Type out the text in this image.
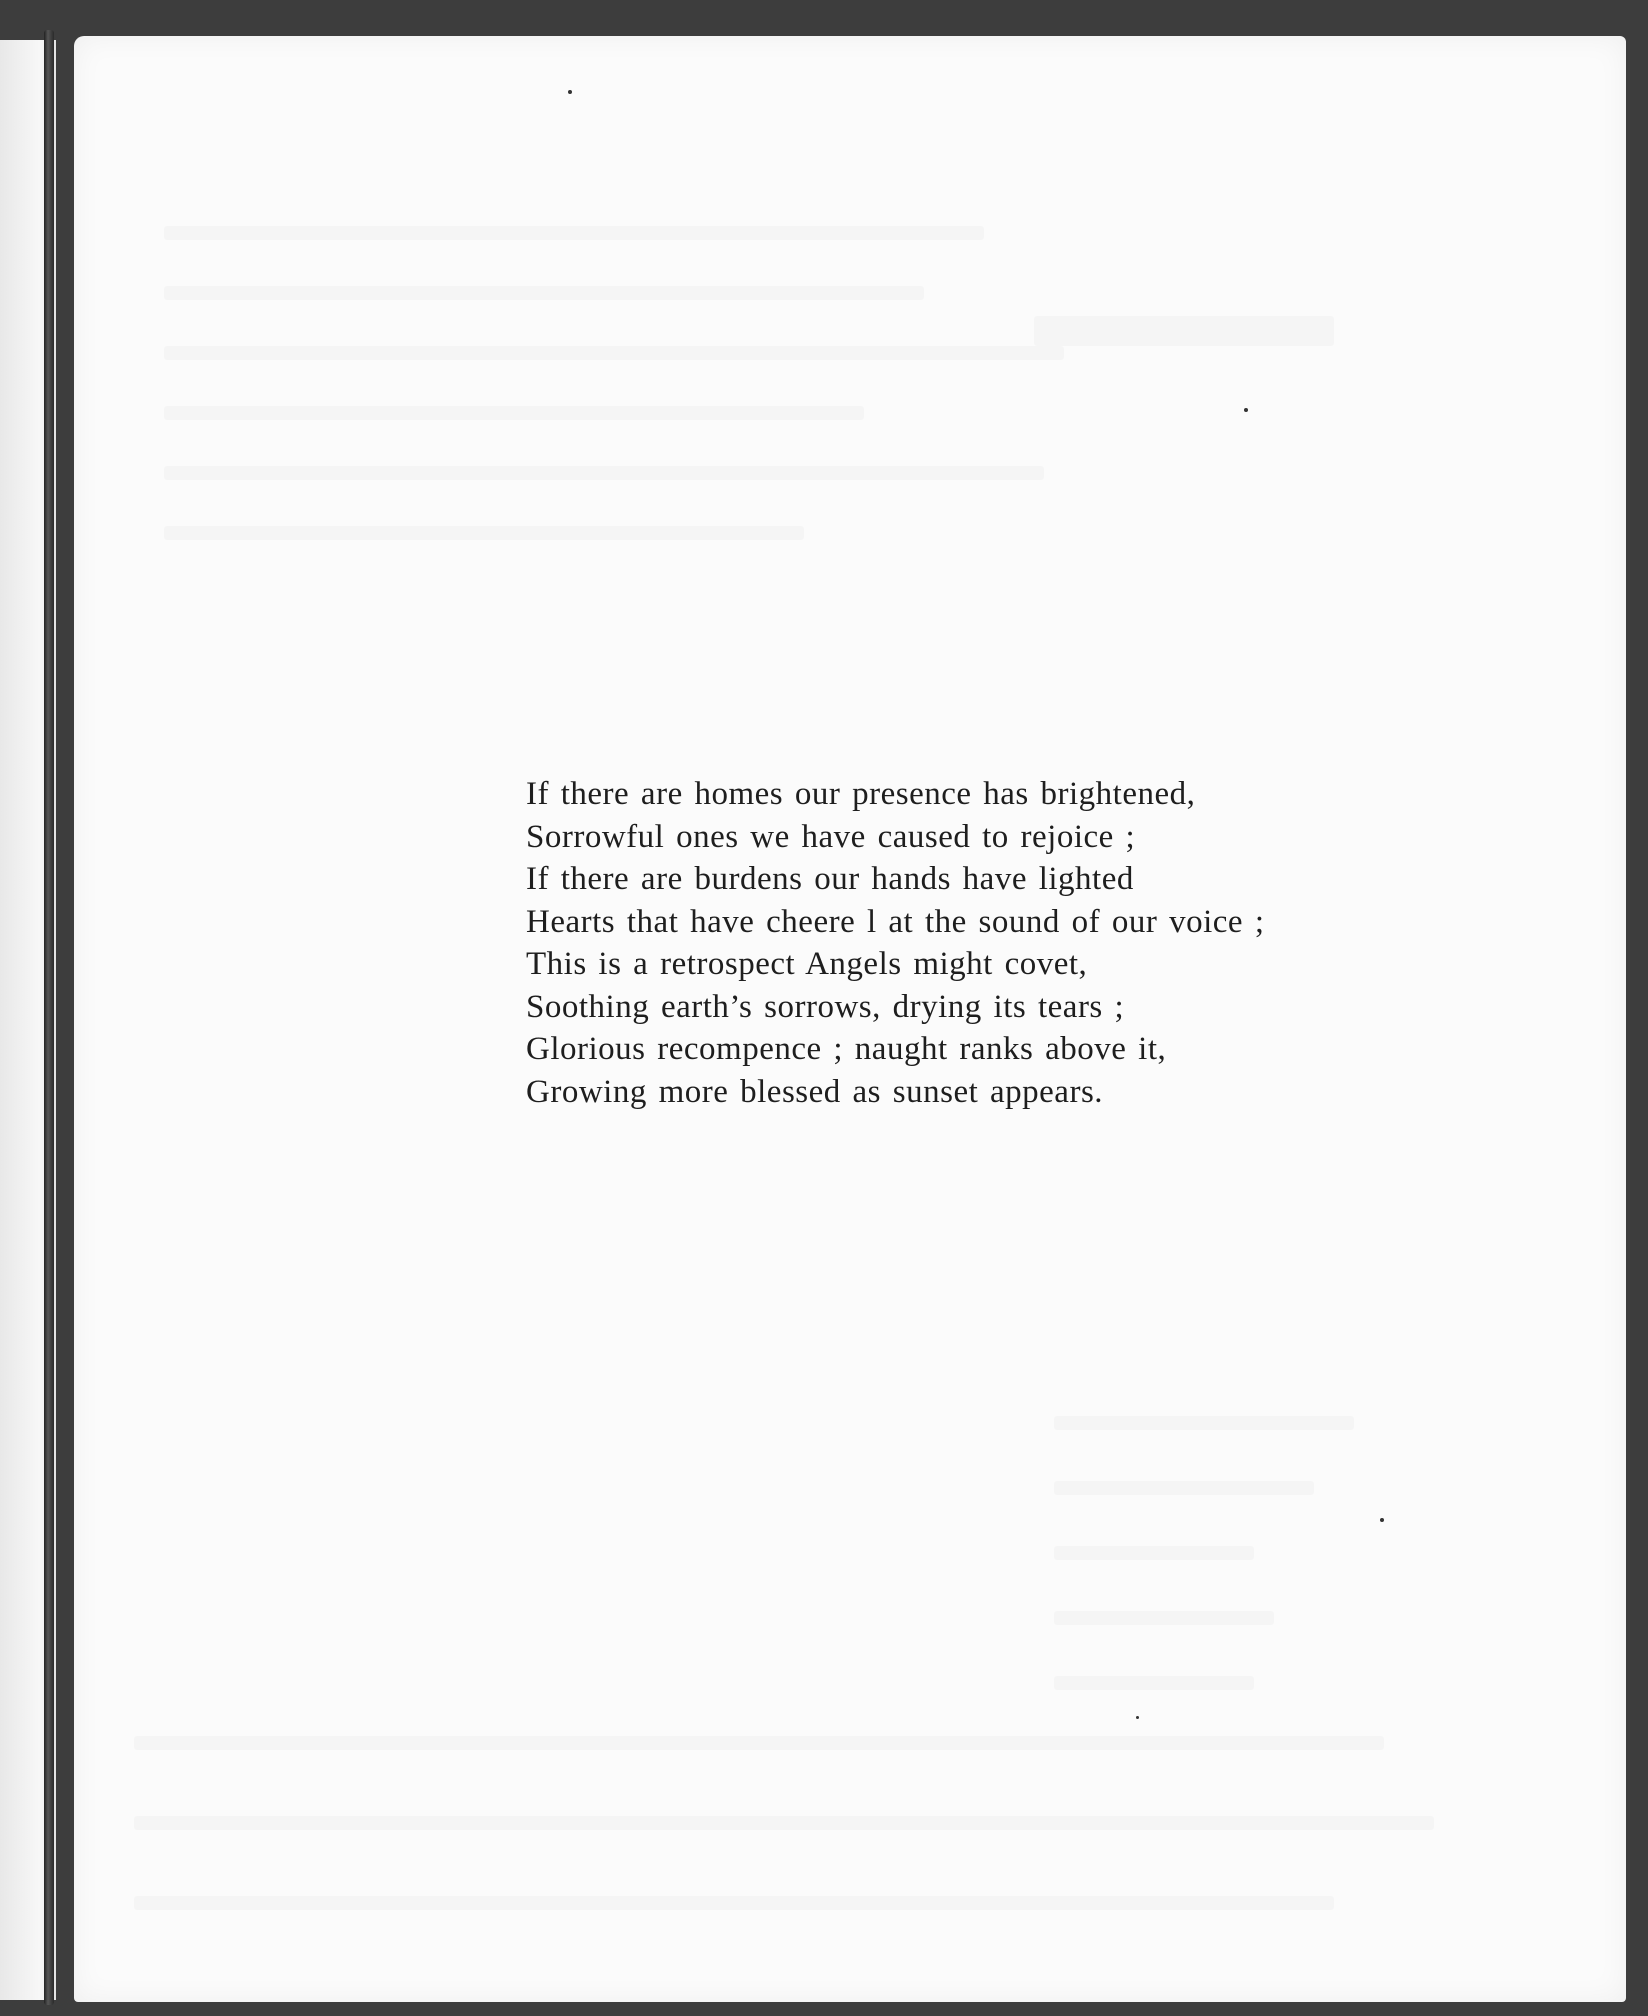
If there are homes our presence has brightened,
Sorrowful ones we have caused to rejoice ;
If there are burdens our hands have lighted
Hearts that have cheere l at the sound of our voice ;
This is a retrospect Angels might covet,
Soothing earth’s sorrows, drying its tears ;
Glorious recompence ; naught ranks above it,
Growing more blessed as sunset appears.
